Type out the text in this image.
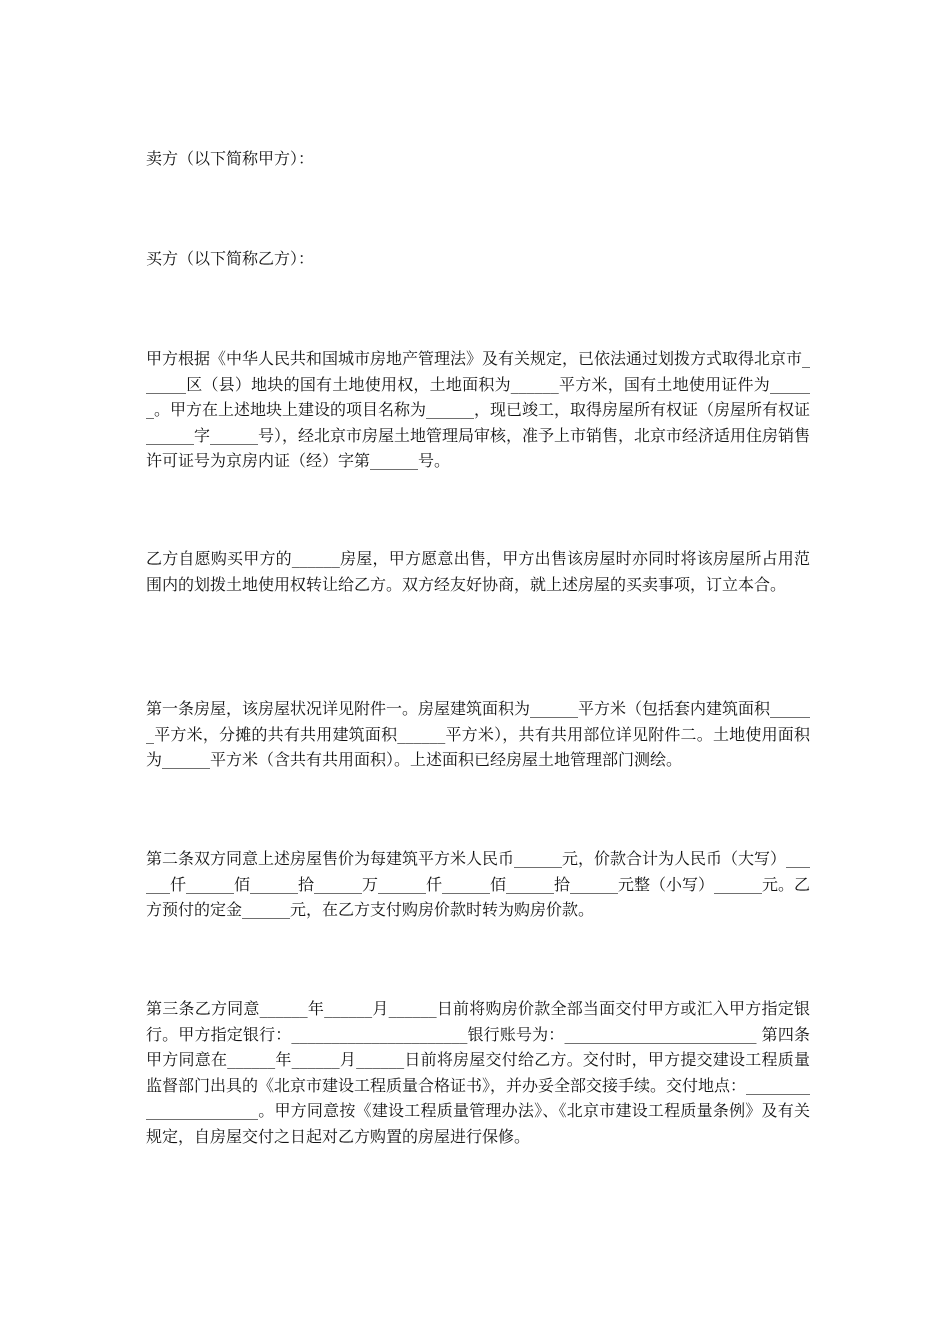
卖方（以下简称甲方）：

买方（以下简称乙方）：

甲方根据《中华人民共和国城市房地产管理法》及有关规定，已依法通过划拨方式取得北京市______区（县）地块的国有土地使用权，土地面积为______平方米，国有土地使用证件为______。甲方在上述地块上建设的项目名称为______，现已竣工，取得房屋所有权证（房屋所有权证______字______号），经北京市房屋土地管理局审核，准予上市销售，北京市经济适用住房销售许可证号为京房内证（经）字第______号。

乙方自愿购买甲方的______房屋，甲方愿意出售，甲方出售该房屋时亦同时将该房屋所占用范围内的划拨土地使用权转让给乙方。双方经友好协商，就上述房屋的买卖事项，订立本合。

第一条房屋，该房屋状况详见附件一。房屋建筑面积为______平方米（包括套内建筑面积______平方米，分摊的共有共用建筑面积______平方米），共有共用部位详见附件二。土地使用面积为______平方米（含共有共用面积）。上述面积已经房屋土地管理部门测绘。

第二条双方同意上述房屋售价为每建筑平方米人民币______元，价款合计为人民币（大写）______仟______佰______拾______万______仟______佰______拾______元整（小写）______元。乙方预付的定金______元，在乙方支付购房价款时转为购房价款。

第三条乙方同意______年______月______日前将购房价款全部当面交付甲方或汇入甲方指定银行。甲方指定银行：______________________银行账号为：________________________ 第四条甲方同意在______年______月______日前将房屋交付给乙方。交付时，甲方提交建设工程质量监督部门出具的《北京市建设工程质量合格证书》，并办妥全部交接手续。交付地点：______________________。甲方同意按《建设工程质量管理办法》、《北京市建设工程质量条例》及有关规定，自房屋交付之日起对乙方购置的房屋进行保修。
